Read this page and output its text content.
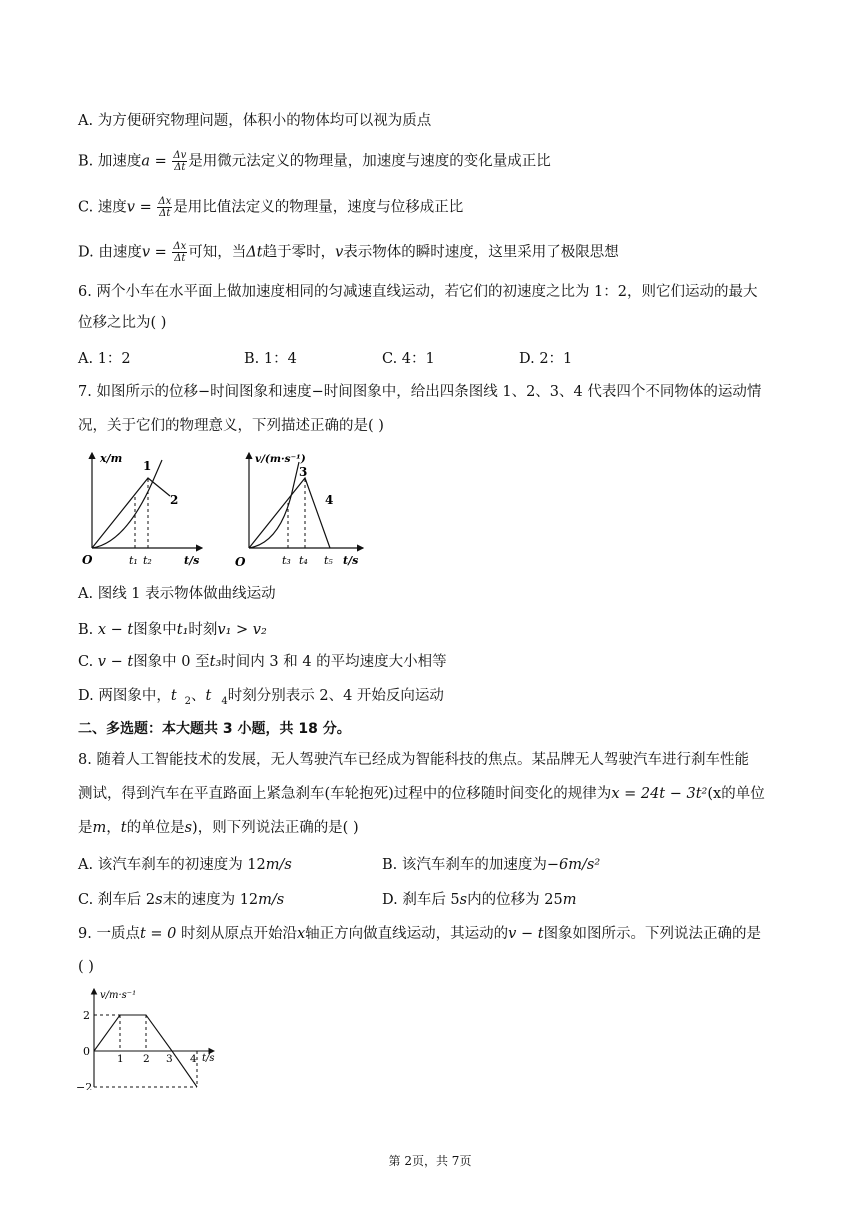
A. 为方便研究物理问题，体积小的物体均可以视为质点
B. 加速度$a = \frac{\Delta v}{\Delta t}$ 是用微元法定义的物理量，加速度与速度的变化量成正比
C. 速度$v = \frac{\Delta x}{\Delta t}$ 是用比值法定义的物理量，速度与位移成正比
D. 由速度$v = \frac{\Delta x}{\Delta t}$ 可知，当Δt趋于零时，v表示物体的瞬时速度，这里采用了极限思想
6. 两个小车在水平面上做加速度相同的匀减速直线运动，若它们的初速度之比为 1：2，则它们运动的最大
位移之比为( )
A. 1：2	B. 1：4	C. 4：1	D. 2：1
7. 如图所示的位移−时间图象和速度−时间图象中，给出四条图线 1、2、3、4 代表四个不同物体的运动情
况，关于它们的物理意义，下列描述正确的是( )
x/m
t/s
O	t₁ t₂
1
2
v/(m·s⁻¹)
t/s
O	t₃ t₄ t₅
3
4
A. 图线 1 表示物体做曲线运动
B. x − t图象中t₁时刻v₁ > v₂
C. v − t图象中 0 至t₃时间内 3 和 4 的平均速度大小相等
D. 两图象中，t $_2$、t $_4$时刻分别表示 2、4 开始反向运动
二、多选题：本大题共 3 小题，共 18 分。
8. 随着人工智能技术的发展，无人驾驶汽车已经成为智能科技的焦点。某品牌无人驾驶汽车进行刹车性能
测试，得到汽车在平直路面上紧急刹车(车轮抱死)过程中的位移随时间变化的规律为x = 24t − 3t²(x的单位
是m，t的单位是s)，则下列说法正确的是( )
A. 该汽车刹车的初速度为 12m/s	B. 该汽车刹车的加速度为−6m/s²
C. 刹车后 2s末的速度为 12m/s	D. 刹车后 5s内的位移为 25m
9. 一质点t = 0 时刻从原点开始沿x轴正方向做直线运动，其运动的v − t图象如图所示。下列说法正确的是
( )
v/m·s⁻¹
t/s
2
0
−2
1 2 3 4
第 2页，共 7页
